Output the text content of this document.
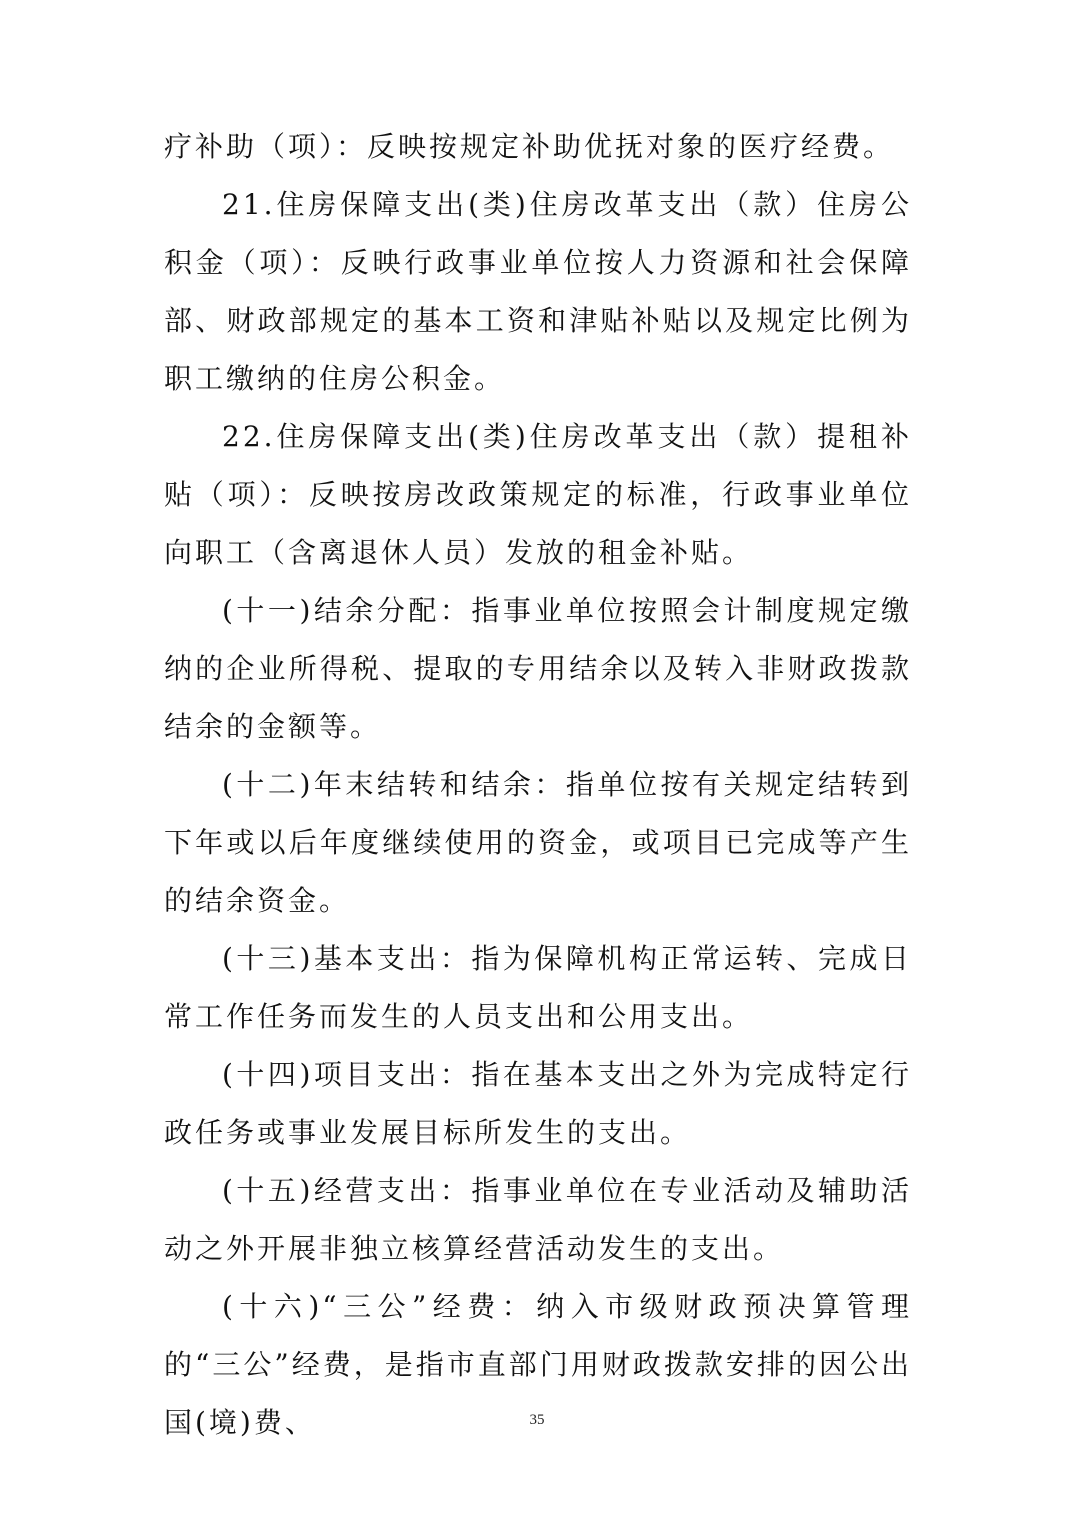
疗补助（项）：反映按规定补助优抚对象的医疗经费。

21.住房保障支出(类)住房改革支出（款）住房公积金（项）：反映行政事业单位按人力资源和社会保障部、财政部规定的基本工资和津贴补贴以及规定比例为职工缴纳的住房公积金。

22.住房保障支出(类)住房改革支出（款）提租补贴（项）：反映按房改政策规定的标准，行政事业单位向职工（含离退休人员）发放的租金补贴。

(十一)结余分配：指事业单位按照会计制度规定缴纳的企业所得税、提取的专用结余以及转入非财政拨款结余的金额等。

(十二)年末结转和结余：指单位按有关规定结转到下年或以后年度继续使用的资金，或项目已完成等产生的结余资金。

(十三)基本支出：指为保障机构正常运转、完成日常工作任务而发生的人员支出和公用支出。

(十四)项目支出：指在基本支出之外为完成特定行政任务或事业发展目标所发生的支出。

(十五)经营支出：指事业单位在专业活动及辅助活动之外开展非独立核算经营活动发生的支出。

(十六)“三公”经费：纳入市级财政预决算管理的“三公”经费，是指市直部门用财政拨款安排的因公出国(境)费、	35
